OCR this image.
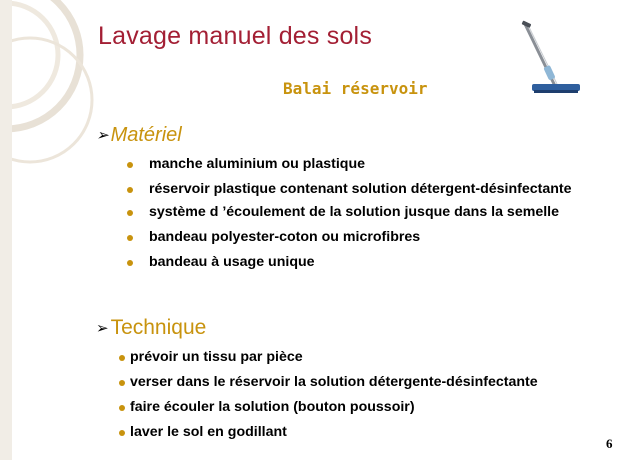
Lavage manuel des sols
Balai réservoir
➢ Matériel
manche aluminium ou plastique
réservoir plastique contenant solution détergent-désinfectante
système d ’écoulement de la solution jusque dans la semelle
bandeau polyester-coton ou microfibres
bandeau à usage unique
➢Technique
prévoir un tissu par pièce
verser dans le réservoir la solution détergente-désinfectante
faire écouler la solution (bouton poussoir)
laver le sol en godillant
6
